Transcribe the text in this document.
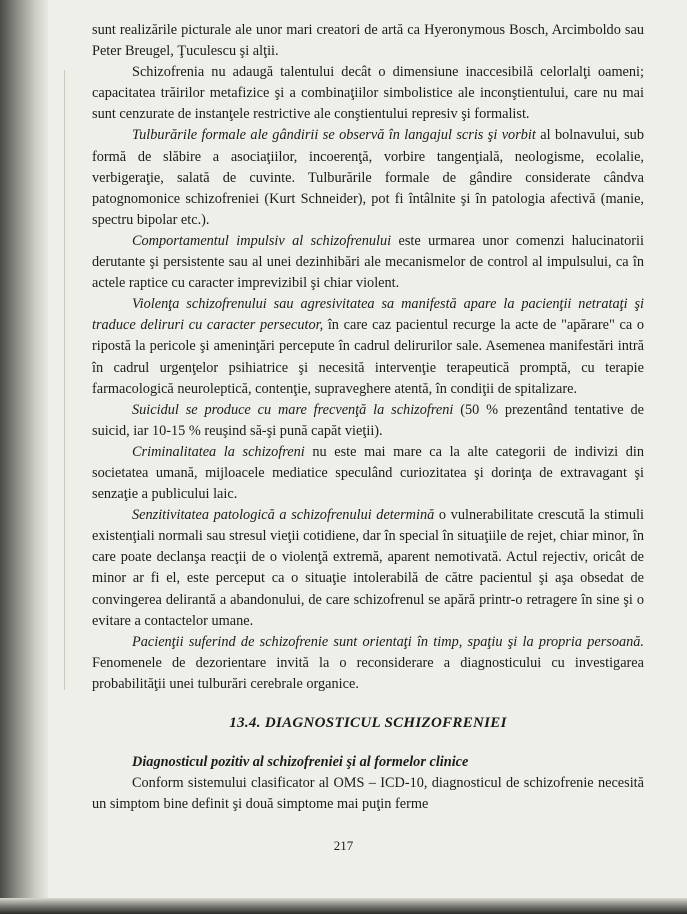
sunt realizările picturale ale unor mari creatori de artă ca Hyeronymous Bosch, Arcimboldo sau Peter Breugel, Ţuculescu şi alţii.

Schizofrenia nu adaugă talentului decât o dimensiune inaccesibilă celorlalţi oameni; capacitatea trăirilor metafizice şi a combinaţiilor simbolistice ale inconştientului, care nu mai sunt cenzurate de instanţele restrictive ale conştientului represiv şi formalist.

Tulburările formale ale gândirii se observă în langajul scris şi vorbit al bolnavului, sub formă de slăbire a asociaţiilor, incoerenţă, vorbire tangenţială, neologisme, ecolalie, verbigeraţie, salată de cuvinte. Tulburările formale de gândire considerate cândva patognomonice schizofreniei (Kurt Schneider), pot fi întâlnite şi în patologia afectivă (manie, spectru bipolar etc.).

Comportamentul impulsiv al schizofrenului este urmarea unor comenzi halucinatorii derutante şi persistente sau al unei dezinhibări ale mecanismelor de control al impulsului, ca în actele raptice cu caracter imprevizibil şi chiar violent.

Violenţa schizofrenului sau agresivitatea sa manifestă apare la pacienţii netrataţi şi traduce deliruri cu caracter persecutor, în care caz pacientul recurge la acte de "apărare" ca o ripostă la pericole şi ameninţări percepute în cadrul delirurilor sale. Asemenea manifestări intră în cadrul urgenţelor psihiatrice şi necesită intervenţie terapeutică promptă, cu terapie farmacologică neuroleptică, contenţie, supraveghere atentă, în condiţii de spitalizare.

Suicidul se produce cu mare frecvenţă la schizofreni (50 % prezentând tentative de suicid, iar 10-15 % reuşind să-şi pună capăt vieţii).

Criminalitatea la schizofreni nu este mai mare ca la alte categorii de indivizi din societatea umană, mijloacele mediatice speculând curiozitatea şi dorinţa de extravagant şi senzaţie a publicului laic.

Senzitivitatea patologică a schizofrenului determină o vulnerabilitate crescută la stimuli existenţiali normali sau stresul vieţii cotidiene, dar în special în situaţiile de rejet, chiar minor, în care poate declanşa reacţii de o violenţă extremă, aparent nemotivată. Actul rejectiv, oricât de minor ar fi el, este perceput ca o situaţie intolerabilă de către pacientul şi aşa obsedat de convingerea delirantă a abandonului, de care schizofrenul se apără printr-o retragere în sine şi o evitare a contactelor umane.

Pacienţii suferind de schizofrenie sunt orientaţi în timp, spaţiu şi la propria persoană. Fenomenele de dezorientare invită la o reconsiderare a diagnosticului cu investigarea probabilităţii unei tulburări cerebrale organice.

13.4. DIAGNOSTICUL SCHIZOFRENIEI

Diagnosticul pozitiv al schizofreniei şi al formelor clinice

Conform sistemului clasificator al OMS – ICD-10, diagnosticul de schizofrenie necesită un simptom bine definit şi două simptome mai puţin ferme

217
